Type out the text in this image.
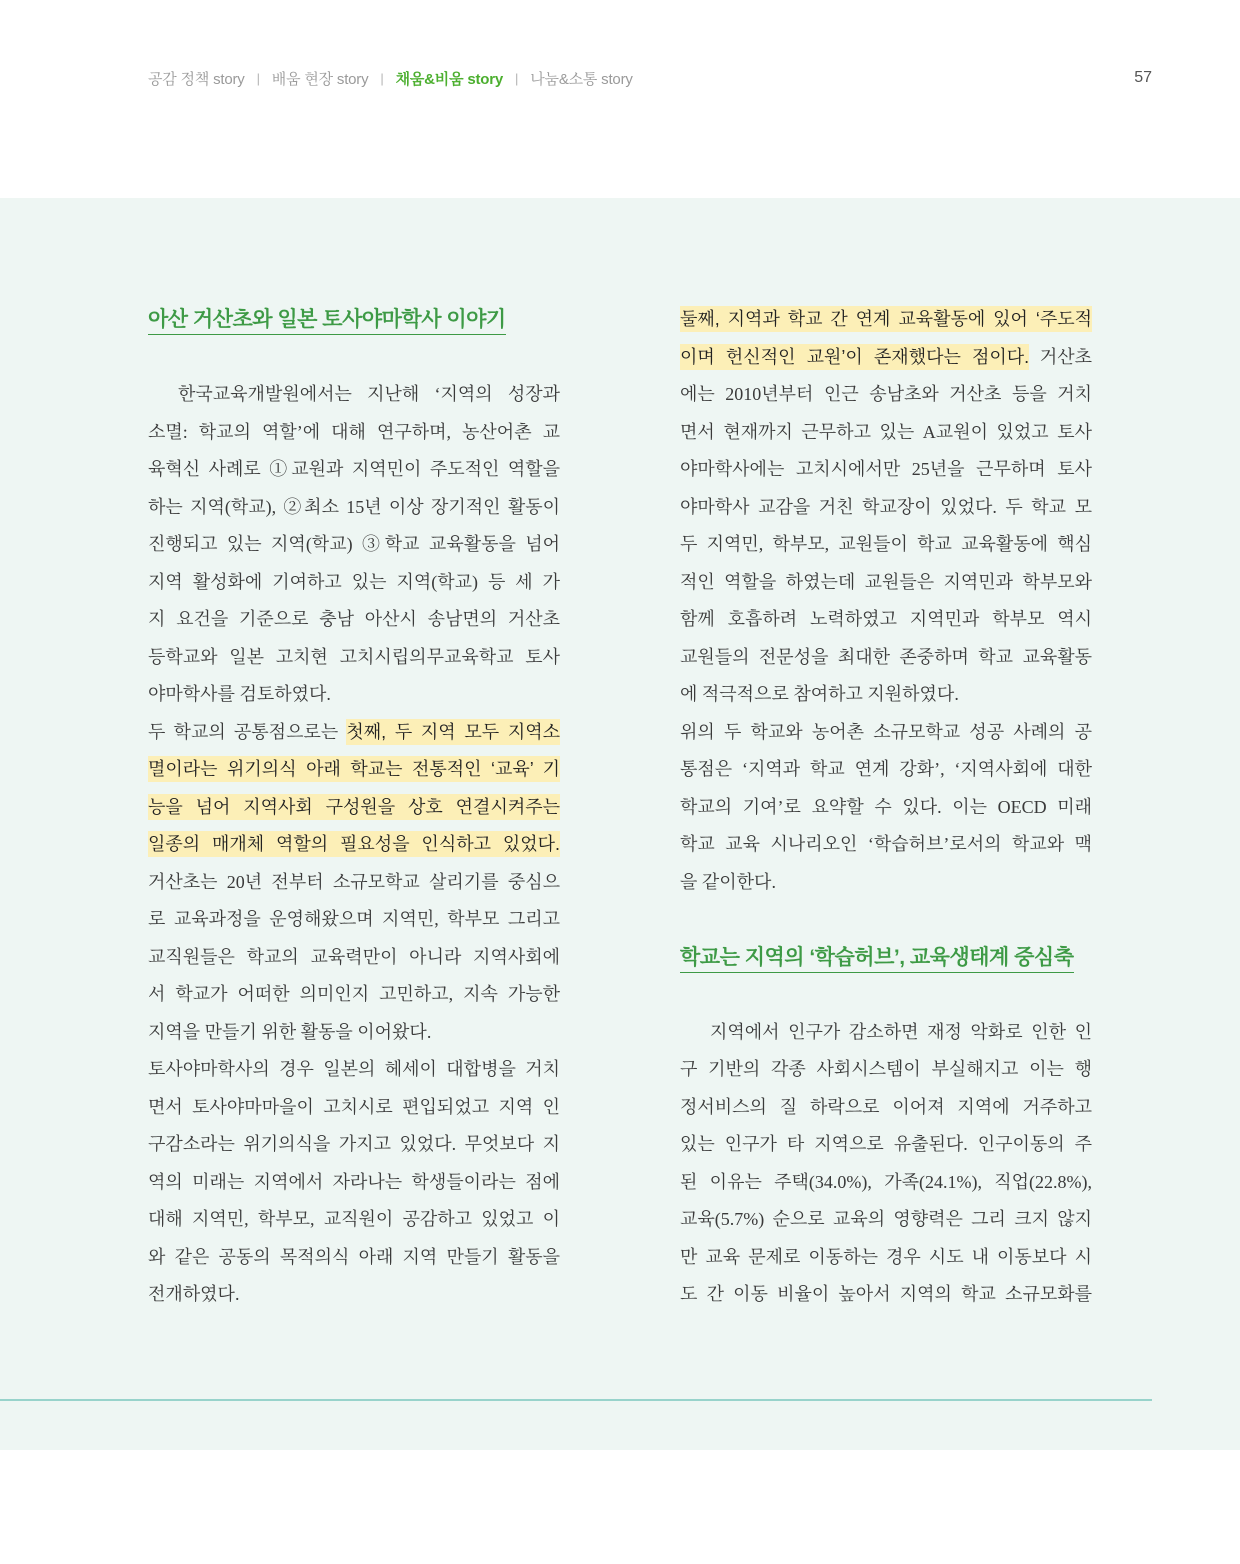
공감 정책 story | 배움 현장 story | 채움&비움 story | 나눔&소통 story	57
아산 거산초와 일본 토사야마학사 이야기
한국교육개발원에서는 지난해 ‘지역의 성장과
소멸: 학교의 역할’에 대해 연구하며, 농산어촌 교
육혁신 사례로 ①교원과 지역민이 주도적인 역할을
하는 지역(학교), ②최소 15년 이상 장기적인 활동이
진행되고 있는 지역(학교) ③학교 교육활동을 넘어
지역 활성화에 기여하고 있는 지역(학교) 등 세 가
지 요건을 기준으로 충남 아산시 송남면의 거산초
등학교와 일본 고치현 고치시립의무교육학교 토사
야마학사를 검토하였다.
두 학교의 공통점으로는 첫째, 두 지역 모두 지역소
멸이라는 위기의식 아래 학교는 전통적인 ‘교육’ 기
능을 넘어 지역사회 구성원을 상호 연결시켜주는
일종의 매개체 역할의 필요성을 인식하고 있었다.
거산초는 20년 전부터 소규모학교 살리기를 중심으
로 교육과정을 운영해왔으며 지역민, 학부모 그리고
교직원들은 학교의 교육력만이 아니라 지역사회에
서 학교가 어떠한 의미인지 고민하고, 지속 가능한
지역을 만들기 위한 활동을 이어왔다.
토사야마학사의 경우 일본의 헤세이 대합병을 거치
면서 토사야마마을이 고치시로 편입되었고 지역 인
구감소라는 위기의식을 가지고 있었다. 무엇보다 지
역의 미래는 지역에서 자라나는 학생들이라는 점에
대해 지역민, 학부모, 교직원이 공감하고 있었고 이
와 같은 공동의 목적의식 아래 지역 만들기 활동을
전개하였다.
둘째, 지역과 학교 간 연계 교육활동에 있어 ‘주도적
이며 헌신적인 교원’이 존재했다는 점이다. 거산초
에는 2010년부터 인근 송남초와 거산초 등을 거치
면서 현재까지 근무하고 있는 A교원이 있었고 토사
야마학사에는 고치시에서만 25년을 근무하며 토사
야마학사 교감을 거친 학교장이 있었다. 두 학교 모
두 지역민, 학부모, 교원들이 학교 교육활동에 핵심
적인 역할을 하였는데 교원들은 지역민과 학부모와
함께 호흡하려 노력하였고 지역민과 학부모 역시
교원들의 전문성을 최대한 존중하며 학교 교육활동
에 적극적으로 참여하고 지원하였다.
위의 두 학교와 농어촌 소규모학교 성공 사례의 공
통점은 ‘지역과 학교 연계 강화’, ‘지역사회에 대한
학교의 기여’로 요약할 수 있다. 이는 OECD 미래
학교 교육 시나리오인 ‘학습허브’로서의 학교와 맥
을 같이한다.
학교는 지역의 ‘학습허브’, 교육생태계 중심축
지역에서 인구가 감소하면 재정 악화로 인한 인
구 기반의 각종 사회시스템이 부실해지고 이는 행
정서비스의 질 하락으로 이어져 지역에 거주하고
있는 인구가 타 지역으로 유출된다. 인구이동의 주
된 이유는 주택(34.0%), 가족(24.1%), 직업(22.8%),
교육(5.7%) 순으로 교육의 영향력은 그리 크지 않지
만 교육 문제로 이동하는 경우 시도 내 이동보다 시
도 간 이동 비율이 높아서 지역의 학교 소규모화를
